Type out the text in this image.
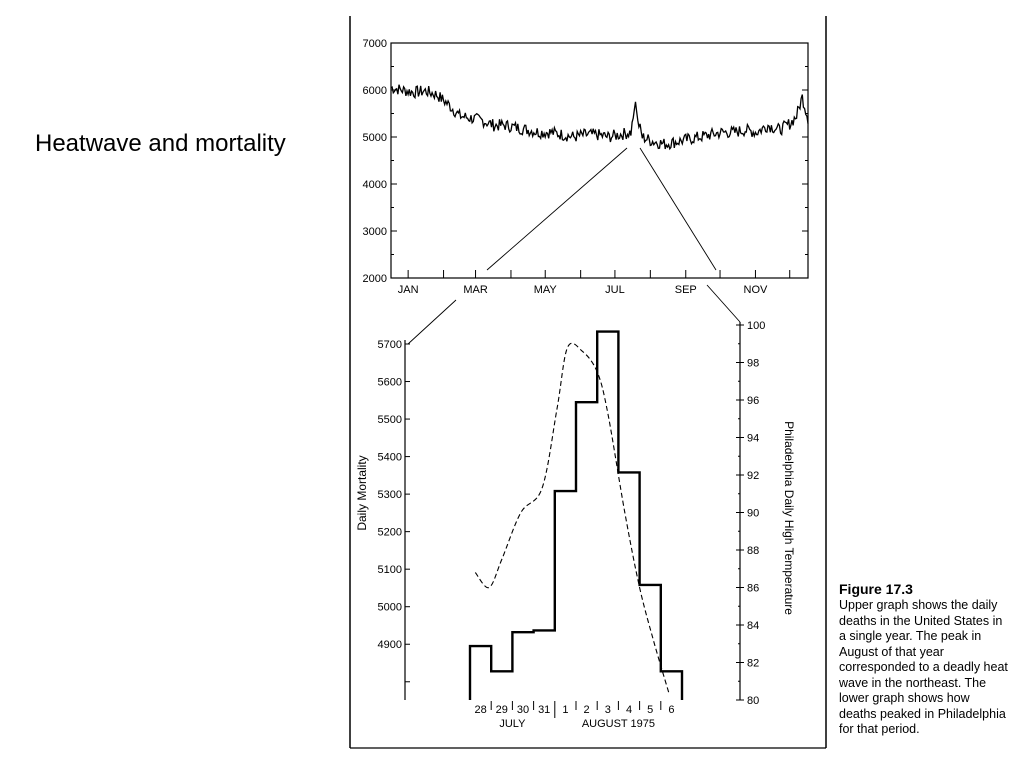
Heatwave and mortality
2000
3000
4000
5000
6000
7000
JAN	MAR	MAY	JUL	SEP	NOV
4900
5000
5100
5200
5300
5400
5500
5600
5700
80
82
84
86
88
90
92
94
96
98
100
28 29 30 31 1 2 3 4 5 6
JULY	AUGUST 1975
Daily Mortality	Philadelphia Daily High Temperature	Figure 17.3
Upper graph shows the daily deaths in the United States in a single year. The peak in August of that year corresponded to a deadly heat wave in the northeast. The lower graph shows how deaths peaked in Philadelphia for that period.
